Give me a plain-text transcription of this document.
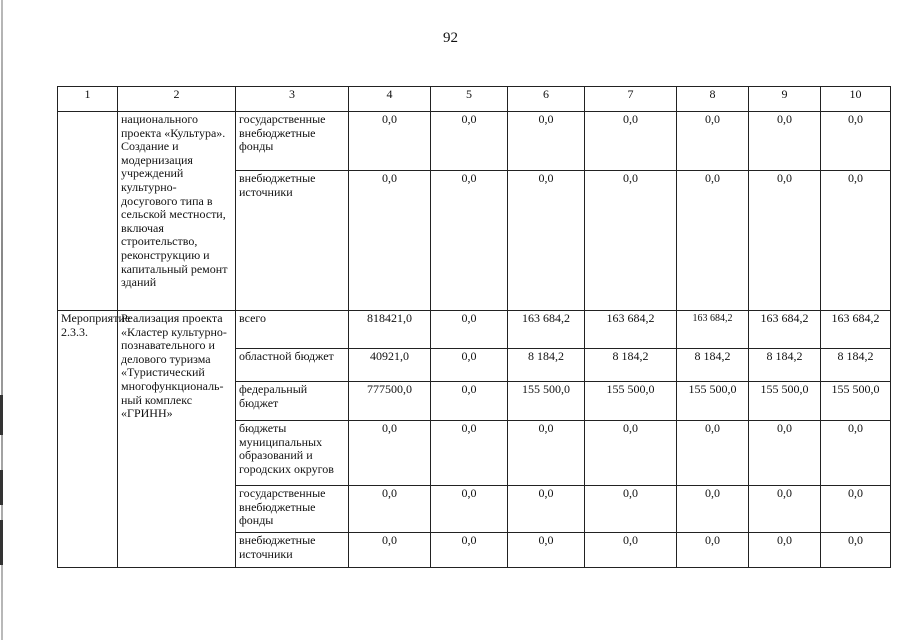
92
1	2	3	4	5	6	7	8	9	10
	национального проекта «Культура». Создание и модернизация учреждений культурно-досугового типа в сельской местности, включая строительство, реконструкцию и капитальный ремонт зданий	государственные внебюджетные фонды	0,0	0,0	0,0	0,0	0,0	0,0	0,0
		внебюджетные источники	0,0	0,0	0,0	0,0	0,0	0,0	0,0
Мероприятие 2.3.3.	Реализация проекта «Кластер культурно-познавательного и делового туризма «Туристический многофункциональ-ный комплекс «ГРИНН»	всего	818421,0	0,0	163 684,2	163 684,2	163 684,2	163 684,2	163 684,2
		областной бюджет	40921,0	0,0	8 184,2	8 184,2	8 184,2	8 184,2	8 184,2
		федеральный бюджет	777500,0	0,0	155 500,0	155 500,0	155 500,0	155 500,0	155 500,0
		бюджеты муниципальных образований и городских округов	0,0	0,0	0,0	0,0	0,0	0,0	0,0
		государственные внебюджетные фонды	0,0	0,0	0,0	0,0	0,0	0,0	0,0
		внебюджетные источники	0,0	0,0	0,0	0,0	0,0	0,0	0,0
